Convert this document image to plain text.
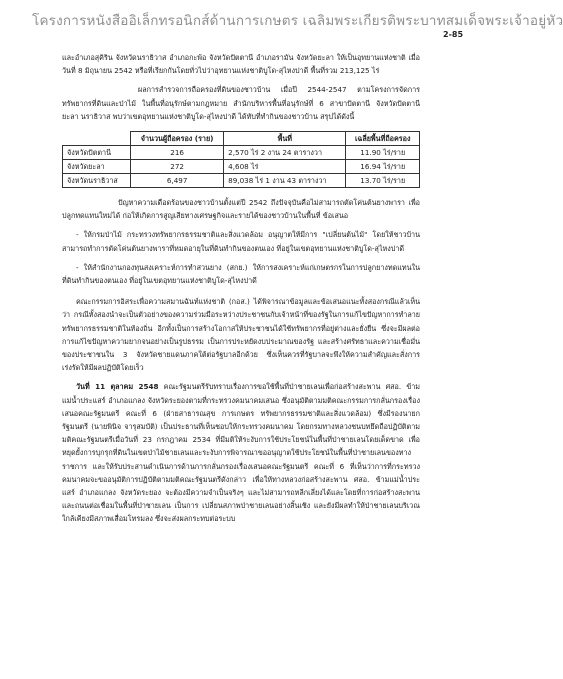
โครงการหนังสืออิเล็กทรอนิกส์ด้านการเกษตร เฉลิมพระเกียรติพระบาทสมเด็จพระเจ้าอยู่หัว
2-85

และอำเภอสุคิริน จังหวัดนราธิวาส อำเภอกะพ้อ จังหวัดปัตตานี อำเภอรามัน จังหวัดยะลา ให้เป็นอุทยานแห่งชาติ เมื่อวันที่ 8 มิถุนายน 2542 หรือที่เรียกกันโดยทั่วไปว่าอุทยานแห่งชาติบูโด-สุไหงปาดี พื้นที่รวม 213,125 ไร่

ผลการสำรวจการถือครองที่ดินของชาวบ้าน เมื่อปี 2544-2547 ตามโครงการจัดการทรัพยากรที่ดินและป่าไม้ ในพื้นที่อนุรักษ์ตามกฎหมาย สำนักบริหารพื้นที่อนุรักษ์ที่ 6 สาขาปัตตานี จังหวัดปัตตานี ยะลา นราธิวาส พบว่าเขตอุทยานแห่งชาติบูโด-สุไหงปาดี ได้ทับที่ทำกินของชาวบ้าน สรุปได้ดังนี้

	จำนวนผู้ถือครอง (ราย)	พื้นที่	เฉลี่ยพื้นที่ถือครอง
จังหวัดปัตตานี	216	2,570 ไร่ 2 งาน 24 ตารางวา	11.90 ไร่/ราย
จังหวัดยะลา	272	4,608 ไร่	16.94 ไร่/ราย
จังหวัดนราธิวาส	6,497	89,038 ไร่ 1 งาน 43 ตารางวา	13.70 ไร่/ราย

ปัญหาความเดือดร้อนของชาวบ้านตั้งแต่ปี 2542 ถึงปัจจุบันคือไม่สามารถตัดโค่นต้นยางพารา เพื่อปลูกทดแทนใหม่ได้ ก่อให้เกิดการสูญเสียทางเศรษฐกิจและรายได้ของชาวบ้านในพื้นที่ ข้อเสนอ

- ให้กรมป่าไม้ กระทรวงทรัพยากรธรรมชาติและสิ่งแวดล้อม อนุญาตให้มีการ "เปลี่ยนต้นไม้" โดยให้ชาวบ้านสามารถทำการตัดโค่นต้นยางพาราที่หมดอายุในที่ดินทำกินของตนเอง ที่อยู่ในเขตอุทยานแห่งชาติบูโด-สุไหงปาดี

- ให้สำนักงานกองทุนสงเคราะห์การทำสวนยาง (สกย.) ให้การสงเคราะห์แก่เกษตรกรในการปลูกยางทดแทนในที่ดินทำกินของตนเอง ที่อยู่ในเขตอุทยานแห่งชาติบูโด-สุไหงปาดี

คณะกรรมการอิสระเพื่อความสมานฉันท์แห่งชาติ (กอส.) ได้พิจารณาข้อมูลและข้อเสนอแนะทั้งสองกรณีแล้วเห็นว่า กรณีทั้งสองนำจะเป็นตัวอย่างของความร่วมมือระหว่างประชาชนกับเจ้าหน้าที่ของรัฐในการแก้ไขปัญหาการทำลายทรัพยากรธรรมชาติในท้องถิ่น อีกทั้งเป็นการสร้างโอกาสให้ประชาชนได้ใช้ทรัพยากรที่อยู่ต่างและยั่งยืน ซึ่งจะมีผลต่อการแก้ไขปัญหาความยากจนอย่างเป็นรูปธรรม เป็นการประหยัดงบประมาณของรัฐ และสร้างศรัทธาและความเชื่อมั่นของประชาชนใน 3 จังหวัดชายแดนภาคใต้ต่อรัฐบาลอีกด้วย ซึ่งเห็นควรที่รัฐบาลจะพึงให้ความสำคัญและสั่งการ เร่งรัดให้มีผลปฏิบัติโดยเร็ว

วันที่ 11 ตุลาคม 2548 คณะรัฐมนตรีรับทราบเรื่องการขอใช้พื้นที่ป่าชายเลนเพื่อก่อสร้างสะพาน ศสอ. ข้ามแม่น้ำประแสร์ อำเภอแกลง จังหวัดระยองตามที่กระทรวงคมนาคมเสนอ ซึ่งอนุมัติตามมติคณะกรรมการกลั่นกรองเรื่องเสนอคณะรัฐมนตรี คณะที่ 6 (ฝ่ายสาธารณสุข การเกษตร ทรัพยากรธรรมชาติและสิ่งแวดล้อม) ซึ่งมีรองนายกรัฐมนตรี (นายพินิจ จารุสมบัติ) เป็นประธานที่เห็นชอบให้กระทรวงคมนาคม โดยกรมทางหลวงชนบทยึดถือปฏิบัติตามมติคณะรัฐมนตรีเมื่อวันที่ 23 กรกฎาคม 2534 ที่มีมติให้ระงับการใช้ประโยชน์ในพื้นที่ป่าชายเลนโดยเด็ดขาด เพื่อหยุดยั้งการบุกรุกที่ดินในเขตป่าไม้ชายเลนและระงับการพิจารณาขออนุญาตใช้ประโยชน์ในพื้นที่ป่าชายเลนของทางราชการ และให้รับประสานดำเนินการด้านการกลั่นกรองเรื่องเสนอคณะรัฐมนตรี คณะที่ 6 ที่เห็นว่าการที่กระทรวงคมนาคมจะขออนุมัติการปฏิบัติตามมติคณะรัฐมนตรีดังกล่าว เพื่อให้ทางหลวงก่อสร้างสะพาน ศสอ. ข้ามแม่น้ำประแสร์ อำเภอแกลง จังหวัดระยอง จะต้องมีความจำเป็นจริงๆ และไม่สามารถหลีกเลี่ยงได้และโดยที่การก่อสร้างสะพานและถนนต่อเชื่อมในพื้นที่ป่าชายเลน เป็นการ เปลี่ยนสภาพป่าชายเลนอย่างสิ้นเชิง และยังมีผลทำให้ป่าชายเลนบริเวณใกล้เคียงมีสภาพเสื่อมโทรมลง ซึ่งจะส่งผลกระทบต่อระบบ
